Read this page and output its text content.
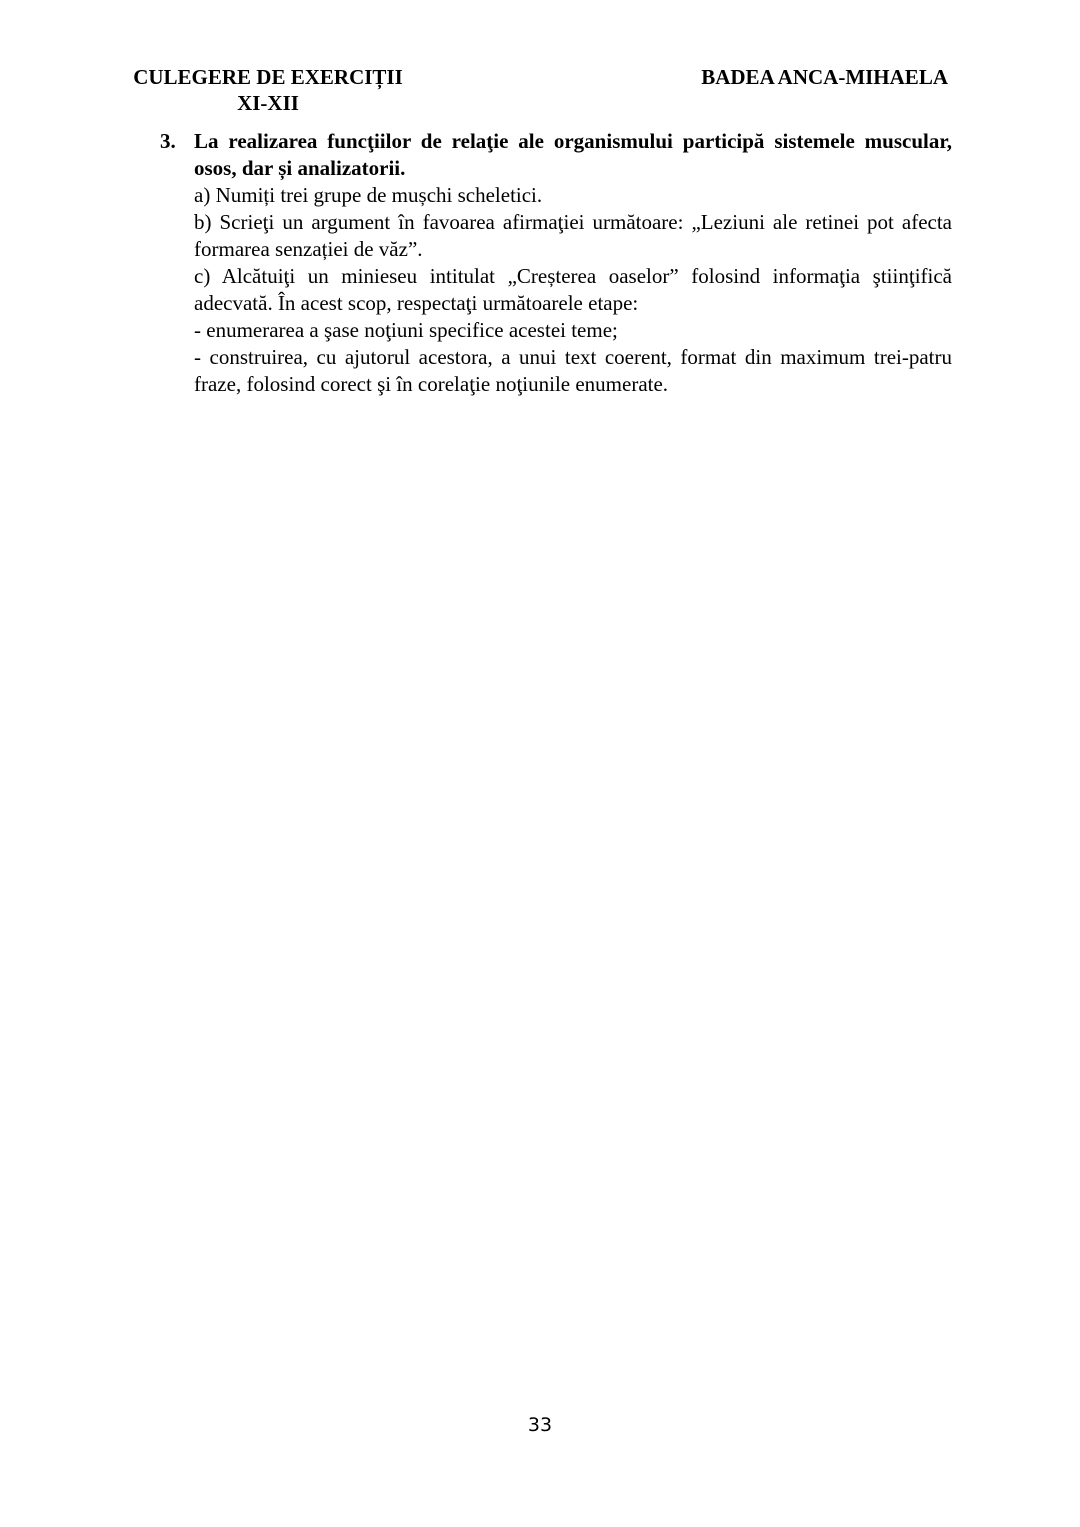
CULEGERE DE EXERCIȚII
XI-XII
BADEA ANCA-MIHAELA
3. La realizarea funcţiilor de relaţie ale organismului participă sistemele muscular, osos, dar și analizatorii.
a) Numiți trei grupe de mușchi scheletici.
b) Scrieţi un argument în favoarea afirmaţiei următoare: „Leziuni ale retinei pot afecta formarea senzației de văz”.
c) Alcătuiţi un minieseu intitulat „Creșterea oaselor” folosind informaţia ştiinţifică adecvată. În acest scop, respectaţi următoarele etape:
- enumerarea a şase noţiuni specifice acestei teme;
- construirea, cu ajutorul acestora, a unui text coerent, format din maximum trei-patru fraze, folosind corect şi în corelaţie noţiunile enumerate.
33
